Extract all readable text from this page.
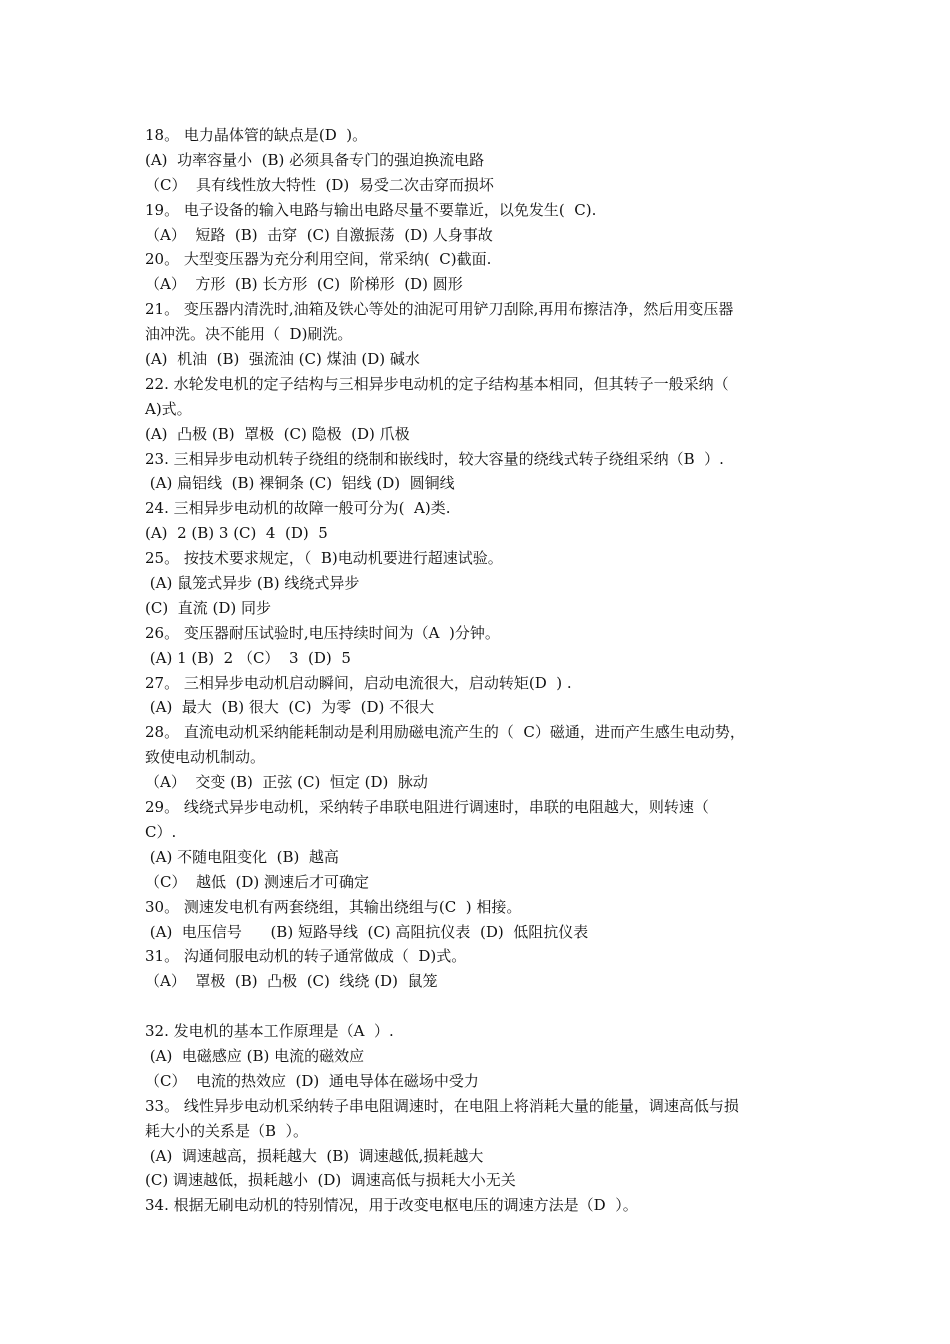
18。 电力晶体管的缺点是(D  )。
(A)  功率容量小  (B) 必须具备专门的强迫换流电路
（C）  具有线性放大特性  (D)  易受二次击穿而损坏
19。 电子设备的输入电路与输出电路尽量不要靠近，以免发生(  C).
（A）  短路  (B)  击穿  (C) 自激振荡  (D) 人身事故
20。 大型变压器为充分利用空间，常采纳(  C)截面.
（A）  方形  (B) 长方形  (C)  阶梯形  (D) 圆形
21。 变压器内清洗时,油箱及铁心等处的油泥可用铲刀刮除,再用布擦洁净，然后用变压器
油冲洗。决不能用（  D)刷洗。
(A)  机油  (B)  强流油 (C) 煤油 (D) 碱水
22. 水轮发电机的定子结构与三相异步电动机的定子结构基本相同，但其转子一般采纳（
A)式。
(A)  凸极 (B)  罩极  (C) 隐极  (D) 爪极
23. 三相异步电动机转子绕组的绕制和嵌线时，较大容量的绕线式转子绕组采纳（B  ）.
(A) 扁铝线  (B) 裸铜条 (C)  铝线 (D)  圆铜线
24. 三相异步电动机的故障一般可分为(  A)类.
(A)  2 (B) 3 (C)  4  (D)  5
25。 按技术要求规定，（  B)电动机要进行超速试验。
(A) 鼠笼式异步 (B) 线绕式异步
(C)  直流 (D) 同步
26。 变压器耐压试验时,电压持续时间为（A  )分钟。
(A) 1 (B)  2 （C）  3  (D)  5
27。 三相异步电动机启动瞬间，启动电流很大，启动转矩(D  ) .
(A)  最大  (B) 很大  (C)  为零  (D) 不很大
28。 直流电动机采纳能耗制动是利用励磁电流产生的（  C）磁通，进而产生感生电动势，
致使电动机制动。
（A）  交变 (B)  正弦 (C)  恒定 (D)  脉动
29。 线绕式异步电动机，采纳转子串联电阻进行调速时，串联的电阻越大，则转速（
C）.
(A) 不随电阻变化  (B)  越高
（C）  越低  (D) 测速后才可确定
30。 测速发电机有两套绕组，其输出绕组与(C  ) 相接。
(A)  电压信号      (B) 短路导线  (C) 高阻抗仪表  (D)  低阻抗仪表
31。 沟通伺服电动机的转子通常做成（  D)式。
（A）  罩极  (B)  凸极  (C)  线绕 (D)  鼠笼
32. 发电机的基本工作原理是（A  ）.
(A)  电磁感应 (B) 电流的磁效应
（C）  电流的热效应  (D)  通电导体在磁场中受力
33。 线性异步电动机采纳转子串电阻调速时，在电阻上将消耗大量的能量，调速高低与损
耗大小的关系是（B  ）。
(A)  调速越高，损耗越大  (B)  调速越低,损耗越大
(C) 调速越低，损耗越小  (D)  调速高低与损耗大小无关
34. 根据无刷电动机的特别情况，用于改变电枢电压的调速方法是（D  ）。
